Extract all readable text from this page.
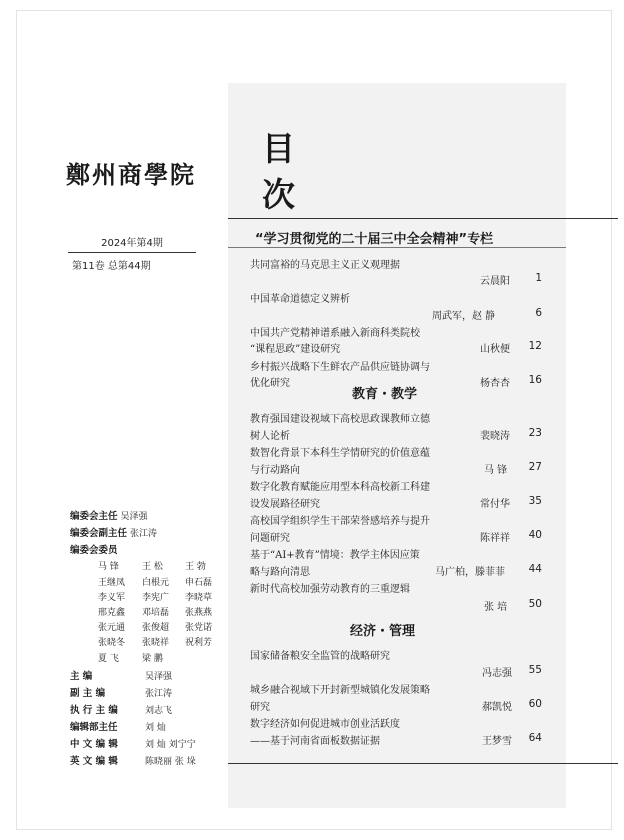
鄭州商學院
2024年第4期
第11卷 总第44期
目
次
“学习贯彻党的二十届三中全会精神”专栏
教育・教学
经济・管理
共同富裕的马克思主义正义观理据
云晨阳	1
中国革命道德定义辨析
周武军，赵 静	6
中国共产党精神谱系融入新商科类院校
“课程思政”建设研究	山秋便	12
乡村振兴战略下生鲜农产品供应链协调与
优化研究	杨杏杏	16
教育强国建设视域下高校思政课教师立德
树人论析	裴晓涛	23
数智化背景下本科生学情研究的价值意蕴
与行动路向	马 锋	27
数字化教育赋能应用型本科高校新工科建
设发展路径研究	常付华	35
高校国学组织学生干部荣誉感培养与提升
问题研究	陈祥祥	40
基于“AI+教育”情境：教学主体因应策
略与路向清思	马广柏，滕菲菲	44
新时代高校加强劳动教育的三重逻辑
张 培	50
国家储备粮安全监管的战略研究
冯志强	55
城乡融合视域下开封新型城镇化发展策略
研究	郝凯悦	60
数字经济如何促进城市创业活跃度
——基于河南省面板数据证据	王梦雪	64
编委会主任 吴泽强
编委会副主任 张江涛
编委会委员
马 锋	王 松 王 勃
王继凤 白根元 申石磊
李义军 李宪广 李晓草
邢克鑫 邓培磊 张燕燕
张元通 张俊超 张党诺
张晓冬 张晓祥 祝利芳
夏 飞	梁 鹏
主 编	吴泽强
副 主 编	张江涛
执 行 主 编	刘志飞
编辑部主任	刘 灿
中 文 编 辑	刘 灿 刘宁宁
英 文 编 辑	陈晓丽 张 垛
